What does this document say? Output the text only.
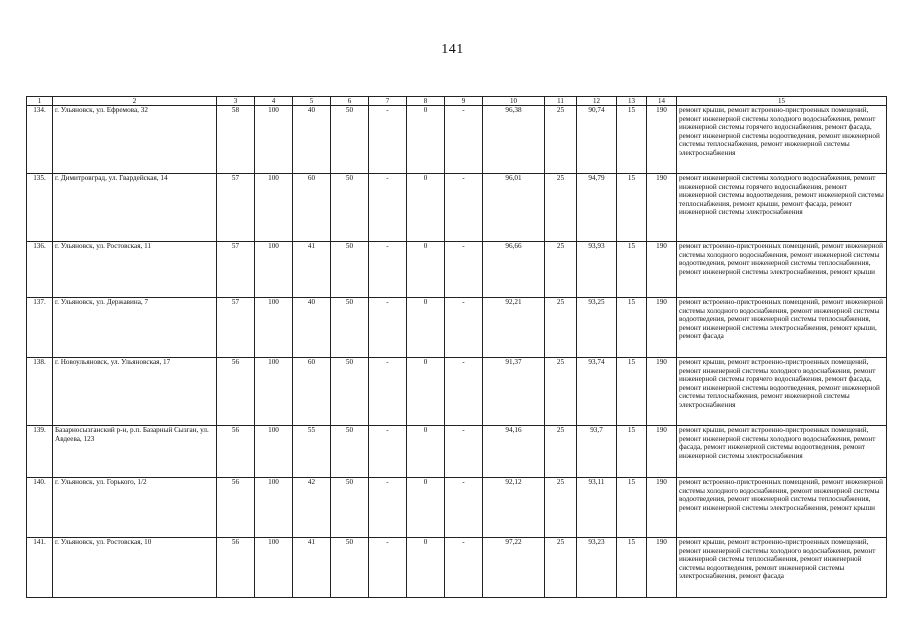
141
1	2	3	4	5	6	7	8	9	10	11	12	13	14	15
134.	г. Ульяновск, ул. Ефремова, 32	58	100	40	50	-	0	-	96,38	25	90,74	15	190	ремонт крыши, ремонт встроенно-пристроенных помещений, ремонт инженерной системы холодного водоснабжения, ремонт инженерной системы горячего водоснабжения, ремонт фасада, ремонт инженерной системы водоотведения, ремонт инженерной системы теплоснабжения, ремонт инженерной системы электроснабжения
135.	г. Димитровград, ул. Гвардейская, 14	57	100	60	50	-	0	-	96,01	25	94,79	15	190	ремонт инженерной системы холодного водоснабжения, ремонт инженерной системы горячего водоснабжения, ремонт инженерной системы водоотведения, ремонт инженерной системы теплоснабжения, ремонт крыши, ремонт фасада, ремонт инженерной системы электроснабжения
136.	г. Ульяновск, ул. Ростовская, 11	57	100	41	50	-	0	-	96,66	25	93,93	15	190	ремонт встроенно-пристроенных помещений, ремонт инженерной системы холодного водоснабжения, ремонт инженерной системы водоотведения, ремонт инженерной системы теплоснабжения, ремонт инженерной системы электроснабжения, ремонт крыши
137.	г. Ульяновск, ул. Державина, 7	57	100	40	50	-	0	-	92,21	25	93,25	15	190	ремонт встроенно-пристроенных помещений, ремонт инженерной системы холодного водоснабжения, ремонт инженерной системы водоотведения, ремонт инженерной системы теплоснабжения, ремонт инженерной системы электроснабжения, ремонт крыши, ремонт фасада
138.	г. Новоульяновск, ул. Ульяновская, 17	56	100	60	50	-	0	-	91,37	25	93,74	15	190	ремонт крыши, ремонт встроенно-пристроенных помещений, ремонт инженерной системы холодного водоснабжения, ремонт инженерной системы горячего водоснабжения, ремонт фасада, ремонт инженерной системы водоотведения, ремонт инженерной системы теплоснабжения, ремонт инженерной системы электроснабжения
139.	Базарносызганский р-н, р.п. Базарный Сызган, ул. Авдеева, 123	56	100	55	50	-	0	-	94,16	25	93,7	15	190	ремонт крыши, ремонт встроенно-пристроенных помещений, ремонт инженерной системы холодного водоснабжения, ремонт фасада, ремонт инженерной системы водоотведения, ремонт инженерной системы электроснабжения
140.	г. Ульяновск, ул. Горького, 1/2	56	100	42	50	-	0	-	92,12	25	93,11	15	190	ремонт встроенно-пристроенных помещений, ремонт инженерной системы холодного водоснабжения, ремонт инженерной системы водоотведения, ремонт инженерной системы теплоснабжения, ремонт инженерной системы электроснабжения, ремонт крыши
141.	г. Ульяновск, ул. Ростовская, 10	56	100	41	50	-	0	-	97,22	25	93,23	15	190	ремонт крыши, ремонт встроенно-пристроенных помещений, ремонт инженерной системы холодного водоснабжения, ремонт инженерной системы теплоснабжения, ремонт инженерной системы водоотведения, ремонт инженерной системы электроснабжения, ремонт фасада
